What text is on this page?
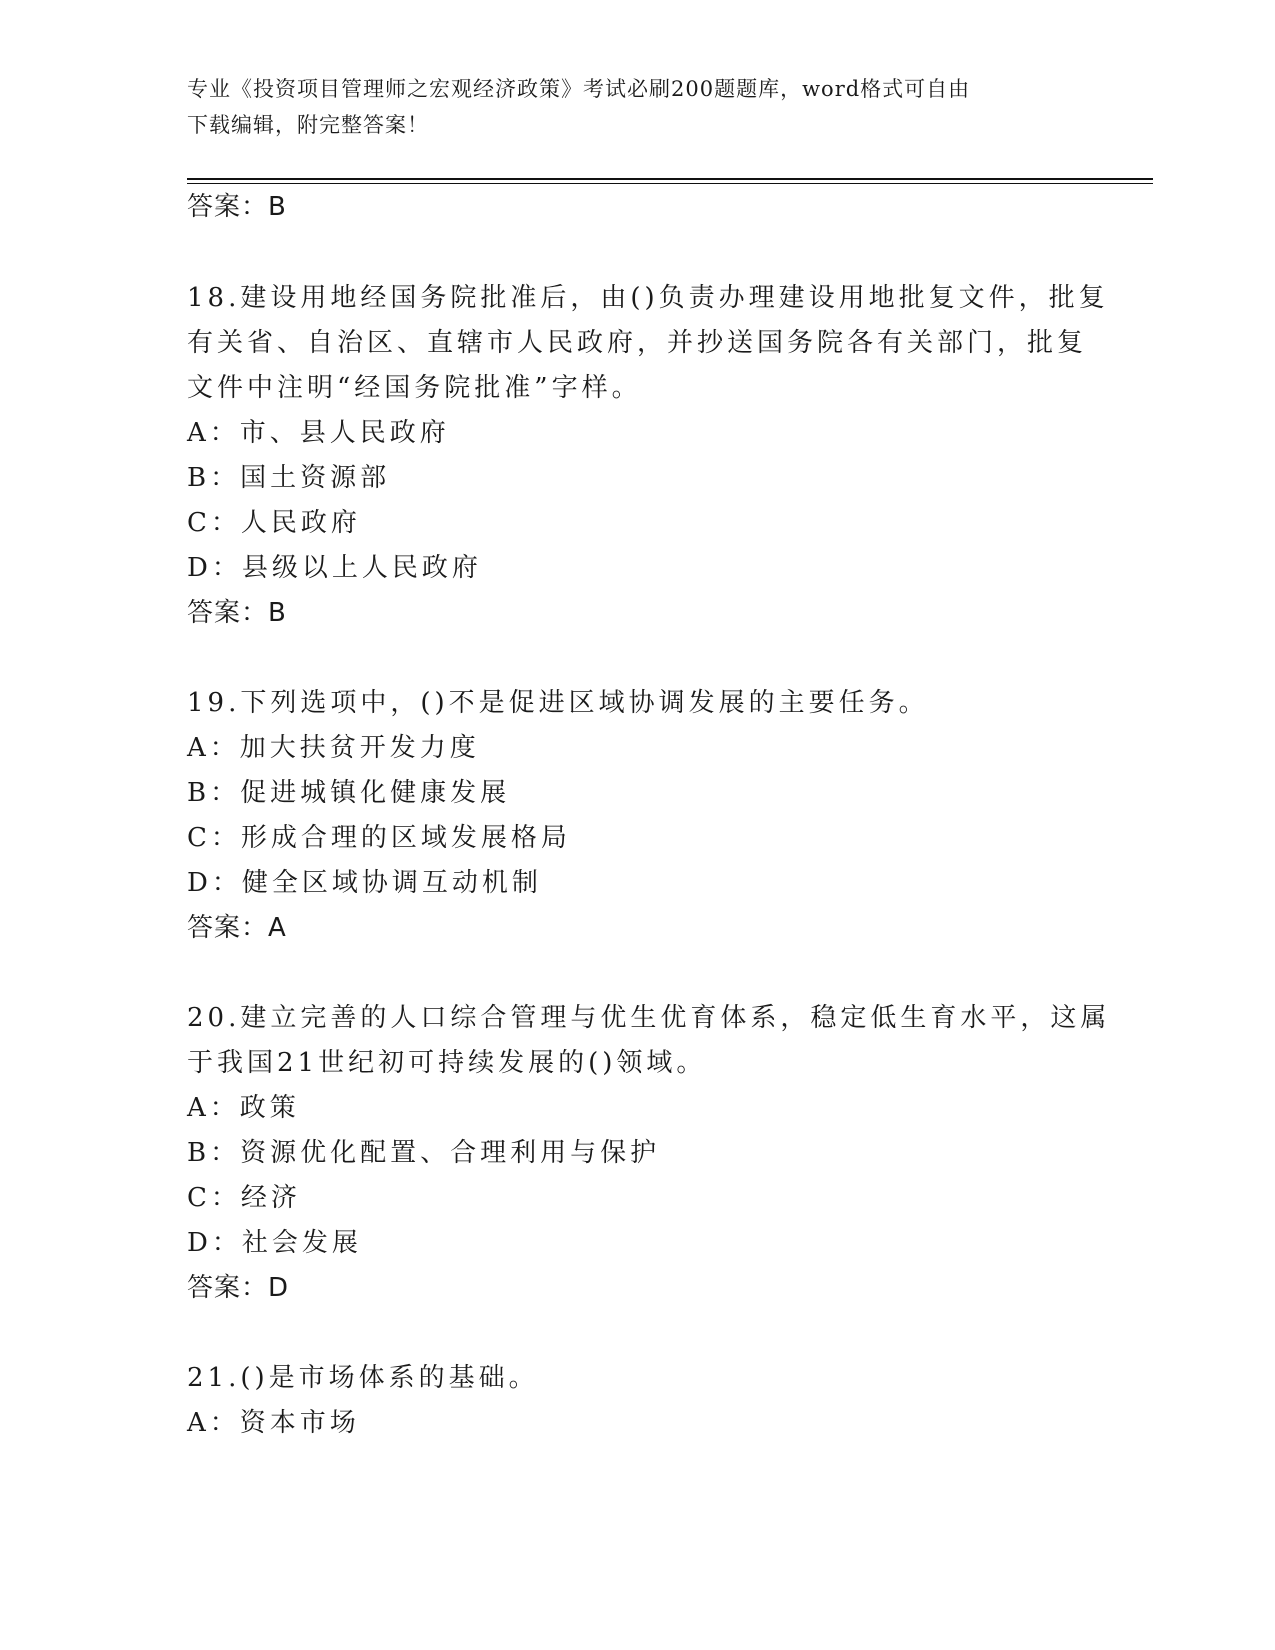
专业《投资项目管理师之宏观经济政策》考试必刷200题题库，word格式可自由
下载编辑，附完整答案！
答案：B
18.建设用地经国务院批准后，由()负责办理建设用地批复文件，批复
有关省、自治区、直辖市人民政府，并抄送国务院各有关部门，批复
文件中注明“经国务院批准”字样。
A：市、县人民政府
B：国土资源部
C：人民政府
D：县级以上人民政府
答案：B
19.下列选项中，()不是促进区域协调发展的主要任务。
A：加大扶贫开发力度
B：促进城镇化健康发展
C：形成合理的区域发展格局
D：健全区域协调互动机制
答案：A
20.建立完善的人口综合管理与优生优育体系，稳定低生育水平，这属
于我国21世纪初可持续发展的()领域。
A：政策
B：资源优化配置、合理利用与保护
C：经济
D：社会发展
答案：D
21.()是市场体系的基础。
A：资本市场
